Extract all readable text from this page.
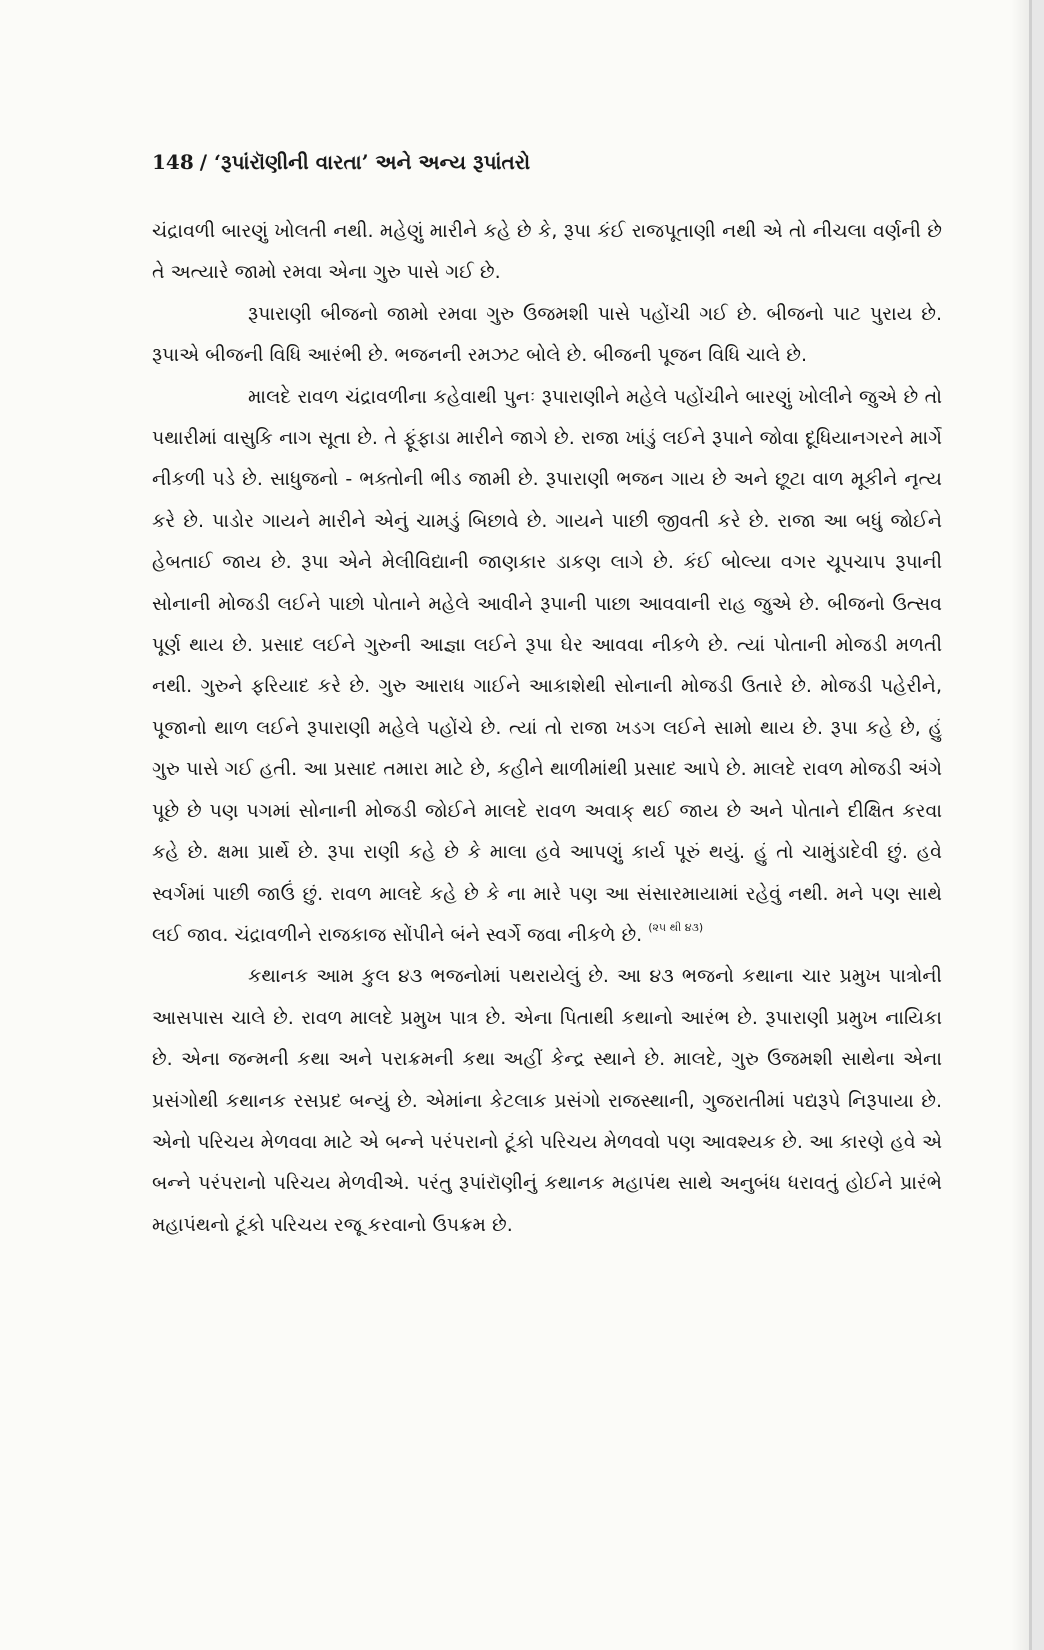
148 / ‘રૂપાંરૉણીની વારતા’ અને અન્ય રૂપાંતરો

ચંદ્રાવળી બારણું ખોલતી નથી. મહેણું મારીને કહે છે કે, રૂપા કંઈ રાજપૂતાણી નથી એ તો નીચલા વર્ણની છે તે અત્યારે જામો રમવા એના ગુરુ પાસે ગઈ છે.

રૂપારાણી બીજનો જામો રમવા ગુરુ ઉજમશી પાસે પહોંચી ગઈ છે. બીજનો પાટ પુરાય છે. રૂપાએ બીજની વિધિ આરંભી છે. ભજનની રમઝટ બોલે છે. બીજની પૂજન વિધિ ચાલે છે.

માલદે રાવળ ચંદ્રાવળીના કહેવાથી પુનઃ રૂપારાણીને મહેલે પહોંચીને બારણું ખોલીને જુએ છે તો પથારીમાં વાસુકિ નાગ સૂતા છે. તે ફૂંફાડા મારીને જાગે છે. રાજા ખાંડું લઈને રૂપાને જોવા દૂધિયાનગરને માર્ગે નીકળી પડે છે. સાધુજનો - ભક્તોની ભીડ જામી છે. રૂપારાણી ભજન ગાય છે અને છૂટા વાળ મૂકીને નૃત્ય કરે છે. પાડોર ગાયને મારીને એનું ચામડું બિછાવે છે. ગાયને પાછી જીવતી કરે છે. રાજા આ બધું જોઈને હેબતાઈ જાય છે. રૂપા એને મેલીવિદ્યાની જાણકાર ડાકણ લાગે છે. કંઈ બોલ્યા વગર ચૂપચાપ રૂપાની સોનાની મોજડી લઈને પાછો પોતાને મહેલે આવીને રૂપાની પાછા આવવાની રાહ જુએ છે. બીજનો ઉત્સવ પૂર્ણ થાય છે. પ્રસાદ લઈને ગુરુની આજ્ઞા લઈને રૂપા ઘેર આવવા નીકળે છે. ત્યાં પોતાની મોજડી મળતી નથી. ગુરુને ફરિયાદ કરે છે. ગુરુ આરાધ ગાઈને આકાશેથી સોનાની મોજડી ઉતારે છે. મોજડી પહેરીને, પૂજાનો થાળ લઈને રૂપારાણી મહેલે પહોંચે છે. ત્યાં તો રાજા ખડગ લઈને સામો થાય છે. રૂપા કહે છે, હું ગુરુ પાસે ગઈ હતી. આ પ્રસાદ તમારા માટે છે, કહીને થાળીમાંથી પ્રસાદ આપે છે. માલદે રાવળ મોજડી અંગે પૂછે છે પણ પગમાં સોનાની મોજડી જોઈને માલદે રાવળ અવાક્ થઈ જાય છે અને પોતાને દીક્ષિત કરવા કહે છે. ક્ષમા પ્રાર્થે છે. રૂપા રાણી કહે છે કે માલા હવે આપણું કાર્ય પૂરું થયું. હું તો ચામુંડાદેવી છું. હવે સ્વર્ગમાં પાછી જાઉં છું. રાવળ માલદે કહે છે કે ના મારે પણ આ સંસારમાયામાં રહેવું નથી. મને પણ સાથે લઈ જાવ. ચંદ્રાવળીને રાજકાજ સોંપીને બંને સ્વર્ગે જવા નીકળે છે. $^{(૨૫ થી ૪૩)}$

કથાનક આમ કુલ ૪૩ ભજનોમાં પથરાયેલું છે. આ ૪૩ ભજનો કથાના ચાર પ્રમુખ પાત્રોની આસપાસ ચાલે છે. રાવળ માલદે પ્રમુખ પાત્ર છે. એના પિતાથી કથાનો આરંભ છે. રૂપારાણી પ્રમુખ નાયિકા છે. એના જન્મની કથા અને પરાક્રમની કથા અહીં કેન્દ્ર સ્થાને છે. માલદે, ગુરુ ઉજમશી સાથેના એના પ્રસંગોથી કથાનક રસપ્રદ બન્યું છે. એમાંના કેટલાક પ્રસંગો રાજસ્થાની, ગુજરાતીમાં પદ્યરૂપે નિરૂપાયા છે. એનો પરિચય મેળવવા માટે એ બન્ને પરંપરાનો ટૂંકો પરિચય મેળવવો પણ આવશ્યક છે. આ કારણે હવે એ બન્ને પરંપરાનો પરિચય મેળવીએ. પરંતુ રૂપાંરૉણીનું કથાનક મહાપંથ સાથે અનુબંધ ધરાવતું હોઈને પ્રારંભે મહાપંથનો ટૂંકો પરિચય રજૂ કરવાનો ઉપક્રમ છે.
